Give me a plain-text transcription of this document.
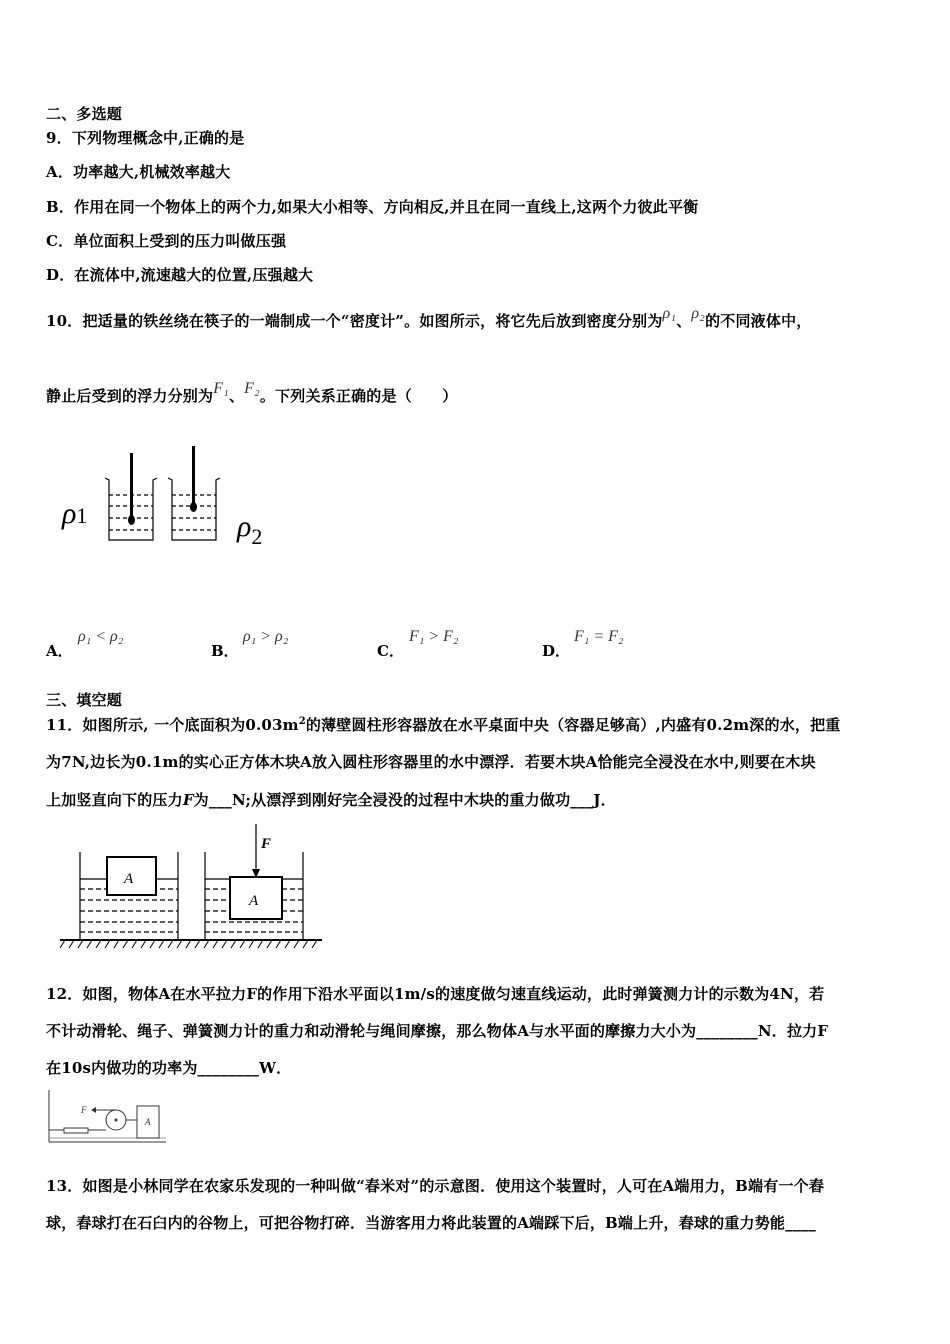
二、多选题
9．下列物理概念中,正确的是
A．功率越大,机械效率越大
B．作用在同一个物体上的两个力,如果大小相等、方向相反,并且在同一直线上,这两个力彼此平衡
C．单位面积上受到的压力叫做压强
D．在流体中,流速越大的位置,压强越大
10．把适量的铁丝绕在筷子的一端制成一个“密度计”。如图所示，将它先后放到密度分别为ρ₁、ρ₂的不同液体中，
静止后受到的浮力分别为F₁、F₂。下列关系正确的是（　　）
ρ1	$\rho_2$
A．
ρ₁ < ρ₂
B．
ρ₁ > ρ₂
C．
F₁ > F₂
D．
F₁ = F₂
三、填空题
11．如图所示, 一个底面积为$0.03m^2$的薄壁圆柱形容器放在水平桌面中央（容器足够高）,内盛有0.2m深的水，把重
为7N,边长为0.1m的实心正方体木块A放入圆柱形容器里的水中漂浮．若要木块A恰能完全浸没在水中,则要在木块
上加竖直向下的压力F为___N;从漂浮到刚好完全浸没的过程中木块的重力做功___J．
A
A
F
12．如图，物体A在水平拉力F的作用下沿水平面以1m/s的速度做匀速直线运动，此时弹簧测力计的示数为4N，若
不计动滑轮、绳子、弹簧测力计的重力和动滑轮与绳间摩擦，那么物体A与水平面的摩擦力大小为________N．拉力F
在10s内做功的功率为________W．
F
A
13．如图是小林同学在农家乐发现的一种叫做“春米对”的示意图．使用这个装置时，人可在A端用力，B端有一个舂
球，舂球打在石臼内的谷物上，可把谷物打碎．当游客用力将此装置的A端踩下后，B端上升，舂球的重力势能____
